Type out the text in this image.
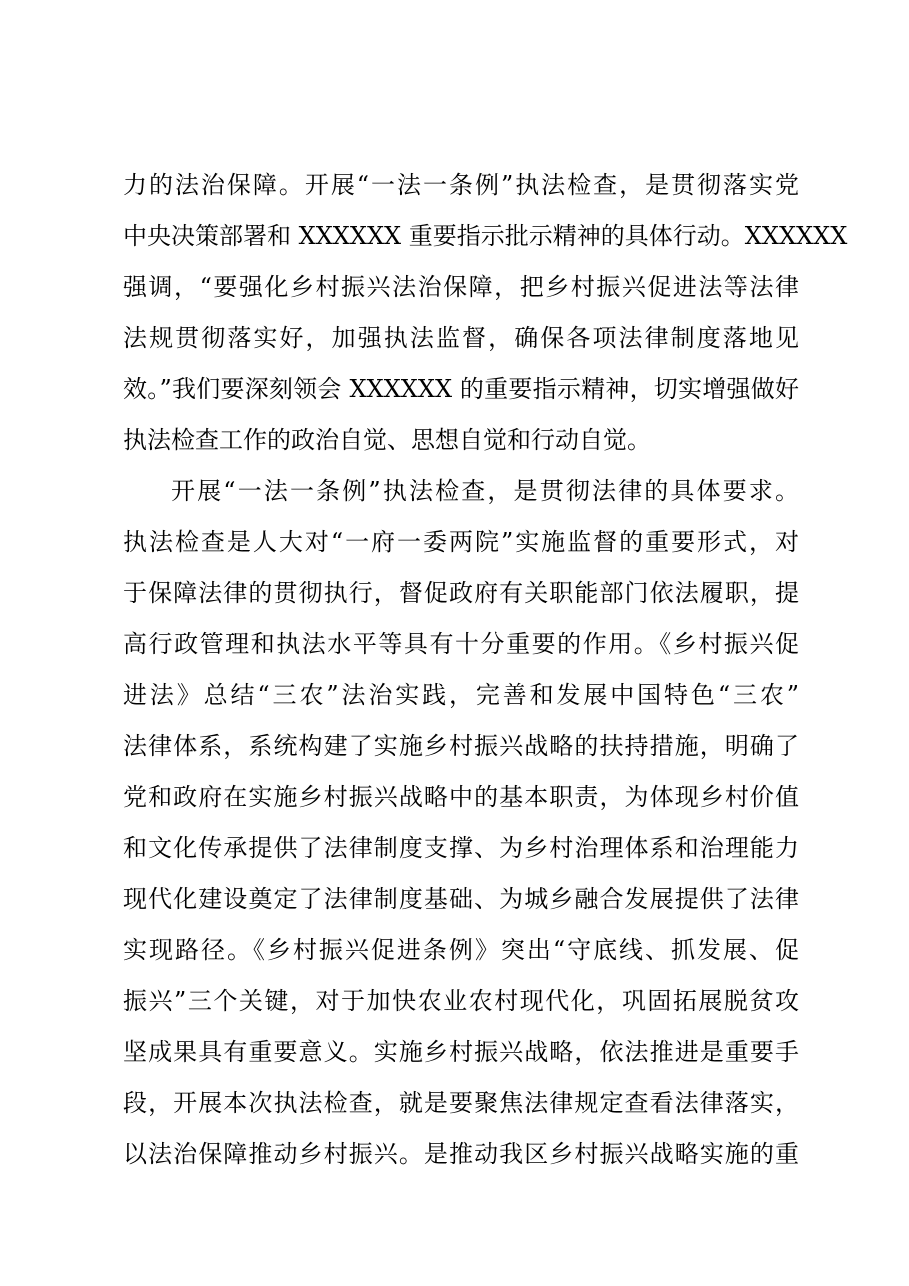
力的法治保障。开展“一法一条例”执法检查，是贯彻落实党
中央决策部署和 XXXXXX 重要指示批示精神的具体行动。XXXXXX
强调，“要强化乡村振兴法治保障，把乡村振兴促进法等法律
法规贯彻落实好，加强执法监督，确保各项法律制度落地见
效。”我们要深刻领会 XXXXXX 的重要指示精神，切实增强做好
执法检查工作的政治自觉、思想自觉和行动自觉。
开展“一法一条例”执法检查，是贯彻法律的具体要求。
执法检查是人大对“一府一委两院”实施监督的重要形式，对
于保障法律的贯彻执行，督促政府有关职能部门依法履职，提
高行政管理和执法水平等具有十分重要的作用。《乡村振兴促
进法》总结“三农”法治实践，完善和发展中国特色“三农”
法律体系，系统构建了实施乡村振兴战略的扶持措施，明确了
党和政府在实施乡村振兴战略中的基本职责，为体现乡村价值
和文化传承提供了法律制度支撑、为乡村治理体系和治理能力
现代化建设奠定了法律制度基础、为城乡融合发展提供了法律
实现路径。《乡村振兴促进条例》突出“守底线、抓发展、促
振兴”三个关键，对于加快农业农村现代化，巩固拓展脱贫攻
坚成果具有重要意义。实施乡村振兴战略，依法推进是重要手
段，开展本次执法检查，就是要聚焦法律规定查看法律落实，
以法治保障推动乡村振兴。是推动我区乡村振兴战略实施的重
